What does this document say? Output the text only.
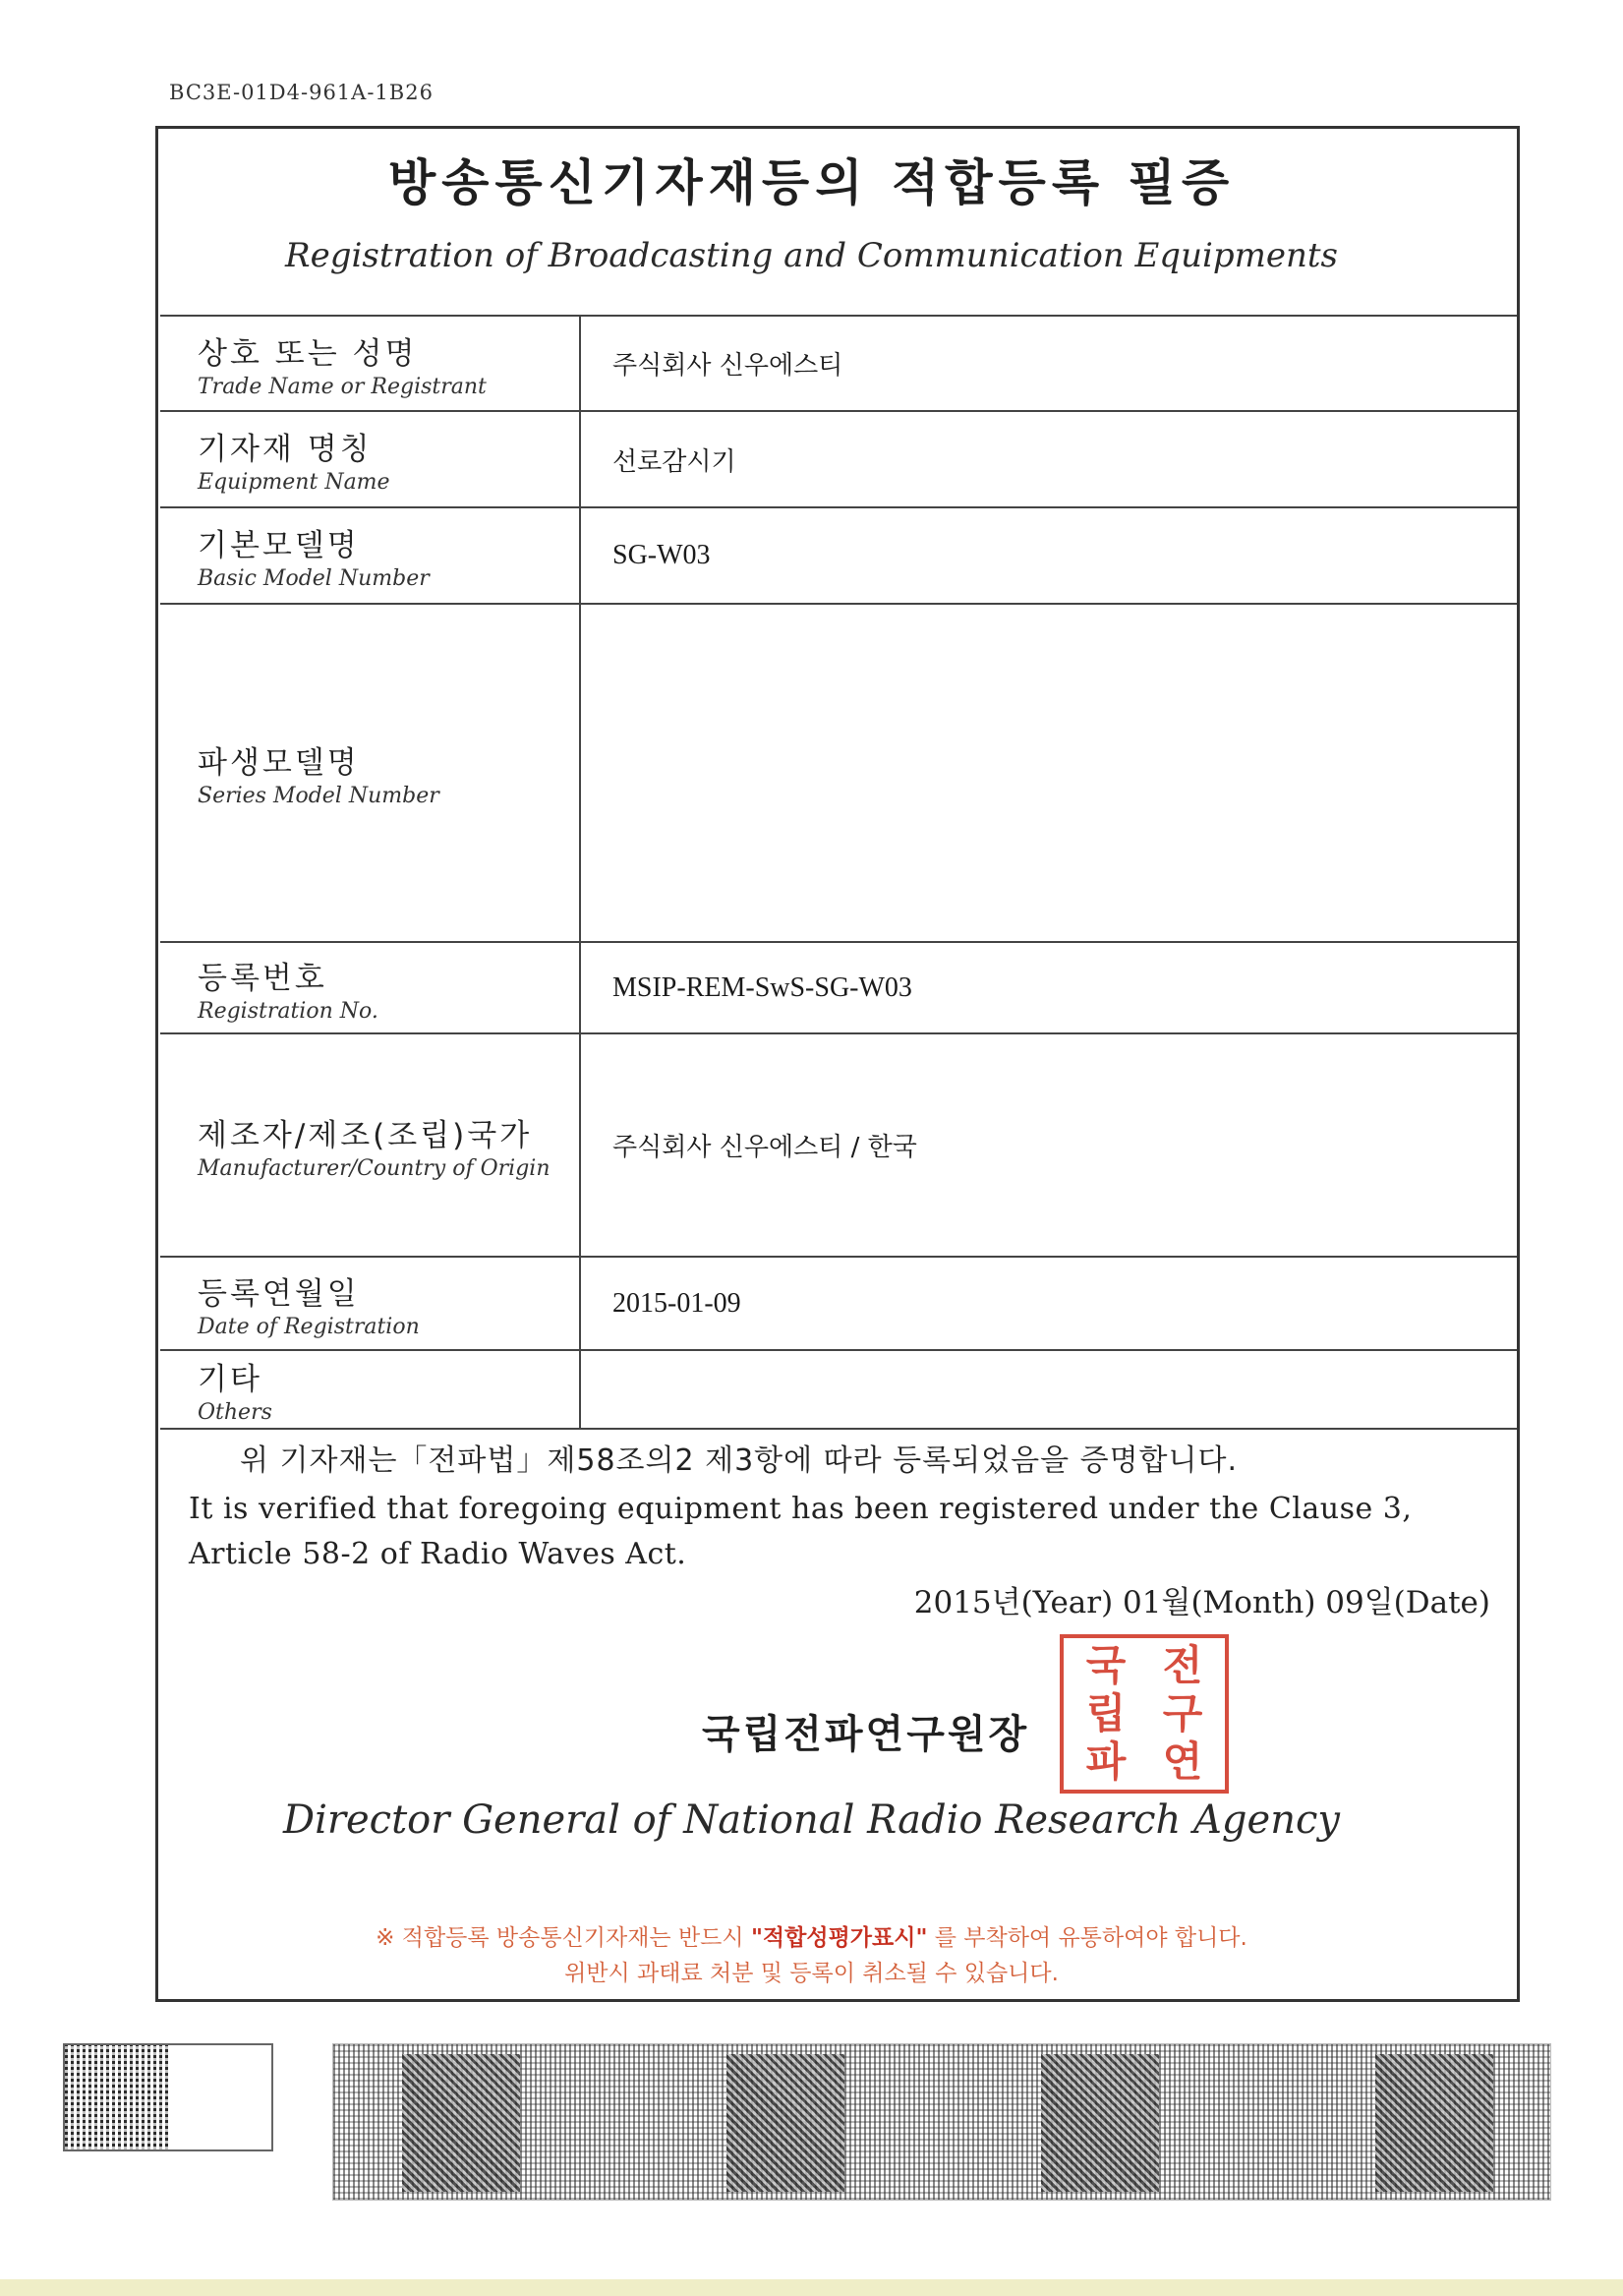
BC3E-01D4-961A-1B26
방송통신기자재등의 적합등록 필증
Registration of Broadcasting and Communication Equipments
상호 또는 성명
Trade Name or Registrant
주식회사 신우에스티
기자재 명칭
Equipment Name
선로감시기
기본모델명
Basic Model Number
SG-W03
파생모델명
Series Model Number
등록번호
Registration No.
MSIP-REM-SwS-SG-W03
제조자/제조(조립)국가
Manufacturer/Country of Origin
주식회사 신우에스티 / 한국
등록연월일
Date of Registration
2015-01-09
기타
Others
위 기자재는「전파법」제58조의2 제3항에 따라 등록되었음을 증명합니다.
It is verified that foregoing equipment has been registered under the Clause 3,
Article 58-2 of Radio Waves Act.
2015년(Year) 01월(Month) 09일(Date)
국립전파연구원장
국 전
립 구
파 연
Director General of National Radio Research Agency
※ 적합등록 방송통신기자재는 반드시 "적합성평가표시" 를 부착하여 유통하여야 합니다.
위반시 과태료 처분 및 등록이 취소될 수 있습니다.
